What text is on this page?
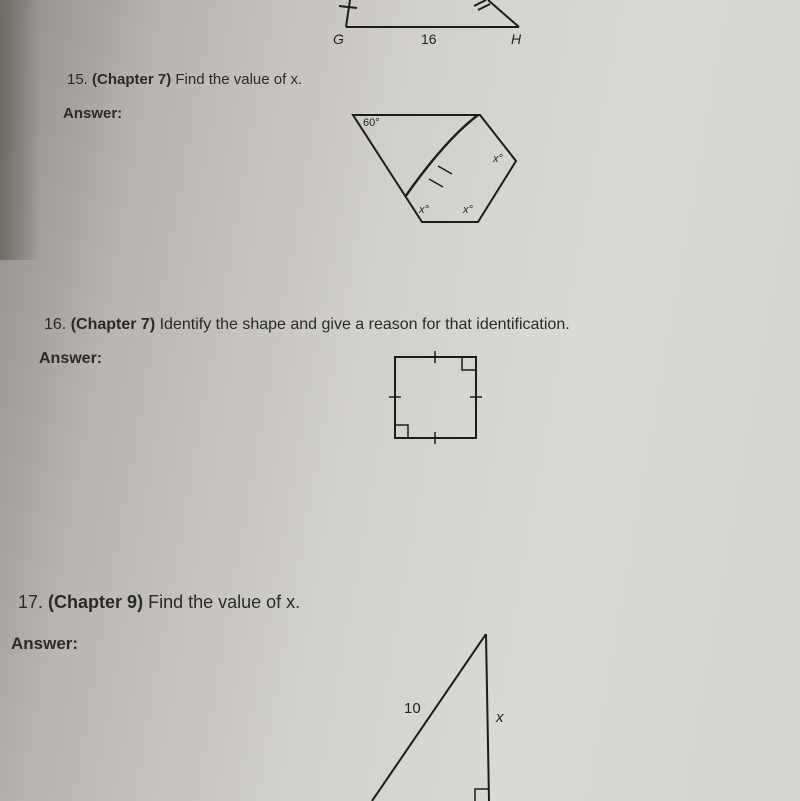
G	16	H
15. (Chapter 7) Find the value of x.
Answer:
60°
x°
x°	x°
16. (Chapter 7) Identify the shape and give a reason for that identification.
Answer:
17. (Chapter 9) Find the value of x.
Answer:
10
x
